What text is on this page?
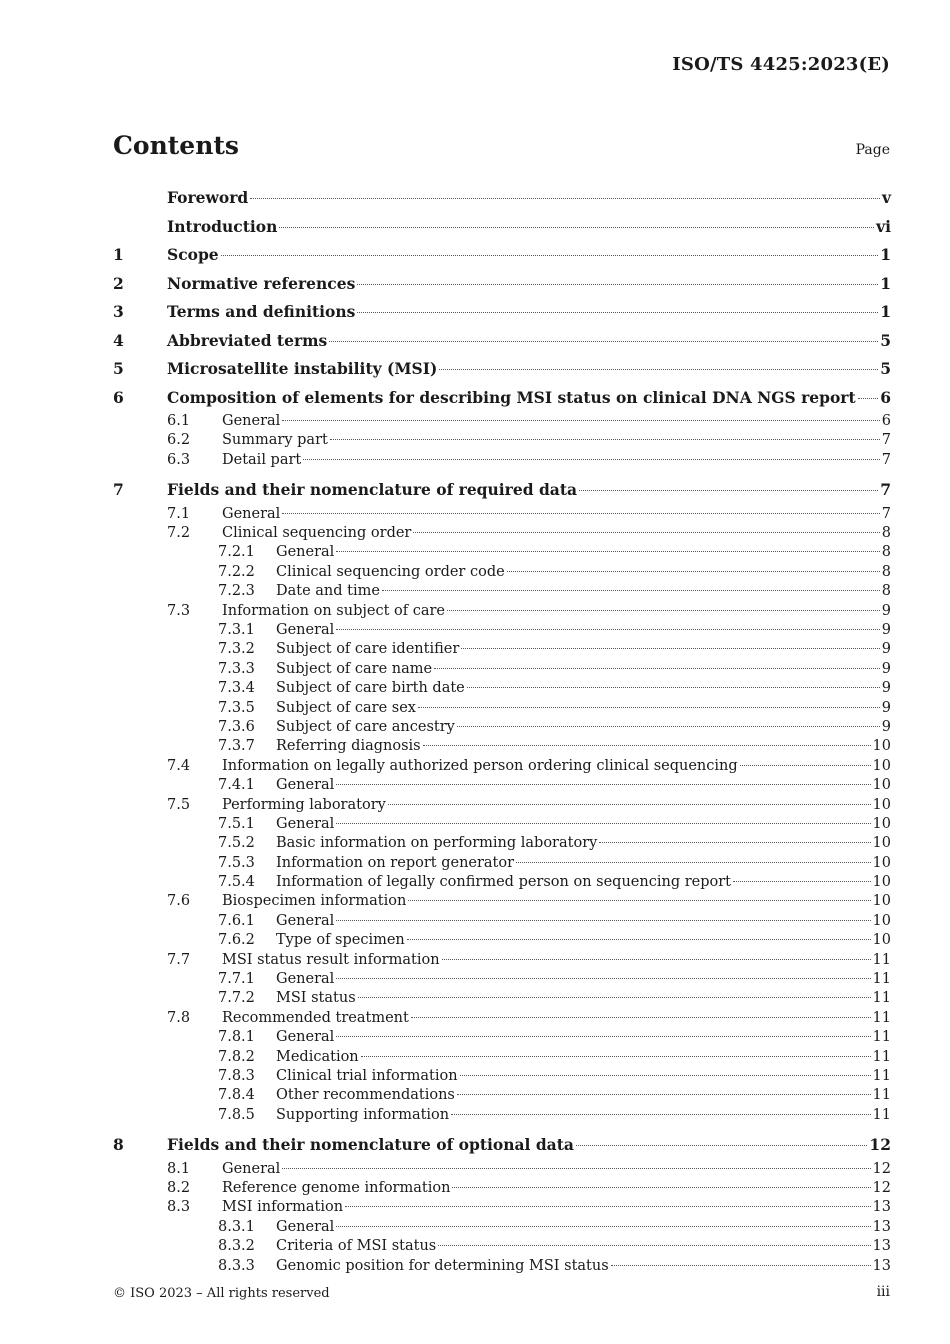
ISO/TS 4425:2023(E)
Contents	Page
Foreword	v
Introduction	vi
1	Scope	1
2	Normative references	1
3	Terms and definitions	1
4	Abbreviated terms	5
5	Microsatellite instability (MSI)	5
6	Composition of elements for describing MSI status on clinical DNA NGS report 6
6.1	General	6
6.2	Summary part	7
6.3	Detail part	7
7	Fields and their nomenclature of required data	7
7.1	General	7
7.2	Clinical sequencing order	8
7.2.1	General	8
7.2.2	Clinical sequencing order code	8
7.2.3	Date and time	8
7.3	Information on subject of care	9
7.3.1	General	9
7.3.2	Subject of care identifier	9
7.3.3	Subject of care name	9
7.3.4	Subject of care birth date	9
7.3.5	Subject of care sex	9
7.3.6	Subject of care ancestry	9
7.3.7	Referring diagnosis	10
7.4	Information on legally authorized person ordering clinical sequencing	10
7.4.1	General	10
7.5	Performing laboratory	10
7.5.1	General	10
7.5.2	Basic information on performing laboratory	10
7.5.3	Information on report generator	10
7.5.4	Information of legally confirmed person on sequencing report	10
7.6	Biospecimen information	10
7.6.1	General	10
7.6.2	Type of specimen	10
7.7	MSI status result information	11
7.7.1	General	11
7.7.2	MSI status	11
7.8	Recommended treatment	11
7.8.1	General	11
7.8.2	Medication	11
7.8.3	Clinical trial information	11
7.8.4	Other recommendations	11
7.8.5	Supporting information	11
8	Fields and their nomenclature of optional data	12
8.1	General	12
8.2	Reference genome information	12
8.3	MSI information	13
8.3.1	General	13
8.3.2	Criteria of MSI status	13
8.3.3	Genomic position for determining MSI status	13
© ISO 2023 – All rights reserved	iii
